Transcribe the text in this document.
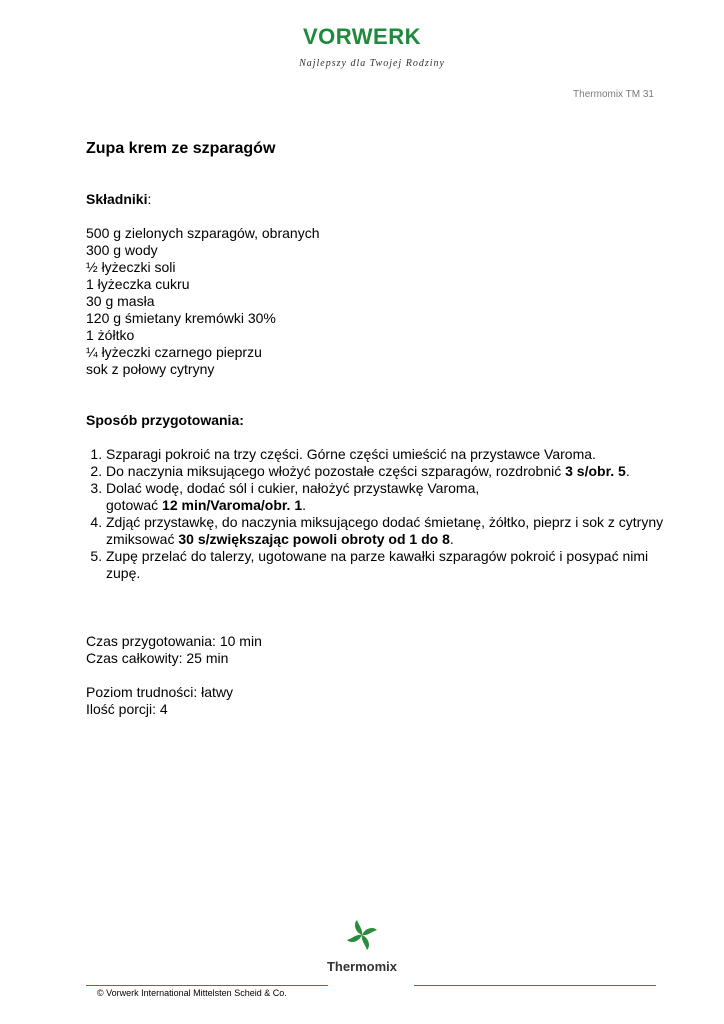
VORWERK
Najlepszy dla Twojej Rodziny
Thermomix TM 31
Zupa krem ze szparagów
Składniki:
500 g zielonych szparagów, obranych
300 g wody
½ łyżeczki soli
1 łyżeczka cukru
30 g masła
120 g śmietany kremówki 30%
1 żółtko
¼ łyżeczki czarnego pieprzu
sok z połowy cytryny
Sposób przygotowania:
1. Szparagi pokroić na trzy części. Górne części umieścić na przystawce Varoma.
2. Do naczynia miksującego włożyć pozostałe części szparagów, rozdrobnić 3 s/obr. 5.
3. Dolać wodę, dodać sól i cukier, nałożyć przystawkę Varoma,
gotować 12 min/Varoma/obr. 1.
4. Zdjąć przystawkę, do naczynia miksującego dodać śmietanę, żółtko, pieprz i sok z cytryny zmiksować 30 s/zwiększając powoli obroty od 1 do 8.
5. Zupę przelać do talerzy, ugotowane na parze kawałki szparagów pokroić i posypać nimi zupę.
Czas przygotowania: 10 min
Czas całkowity: 25 min
Poziom trudności: łatwy
Ilość porcji: 4
Thermomix
© Vorwerk International Mittelsten Scheid & Co.
